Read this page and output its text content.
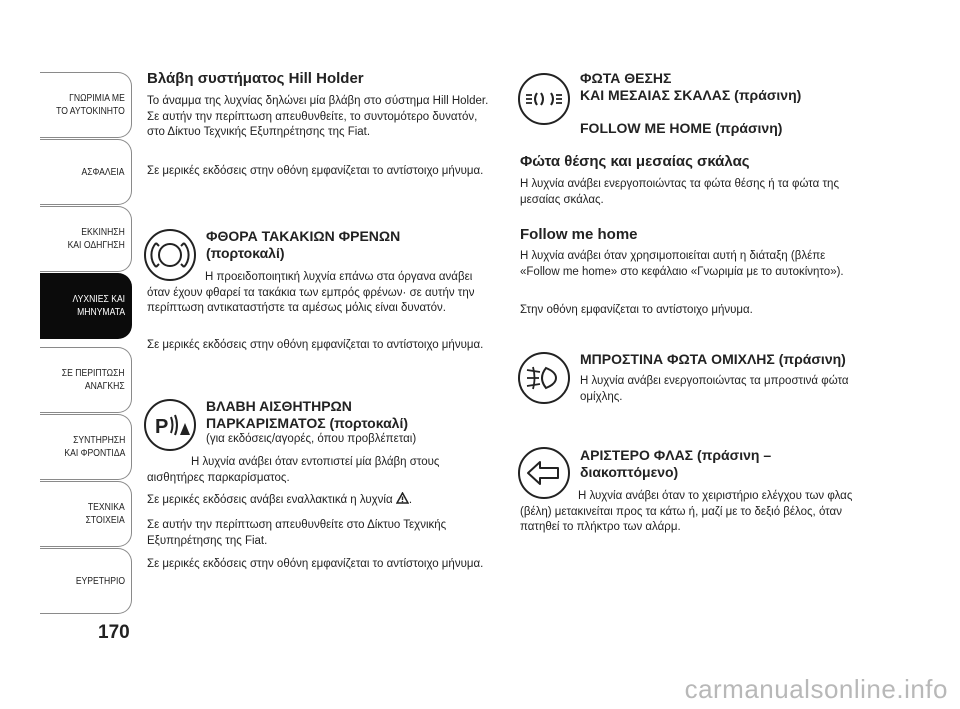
ΓΝΩΡΙΜΙΑ ΜΕ
ΤΟ ΑΥΤΟΚΙΝΗΤΟ
ΑΣΦΑΛΕΙΑ
ΕΚΚΙΝΗΣΗ
ΚΑΙ ΟΔΗΓΗΣΗ
ΛΥΧΝΙΕΣ ΚΑΙ
ΜΗΝΥΜΑΤΑ
ΣΕ ΠΕΡΙΠΤΩΣΗ
ΑΝΑΓΚΗΣ
ΣΥΝΤΗΡΗΣΗ
ΚΑΙ ΦΡΟΝΤΙΔΑ
ΤΕΧΝΙΚΑ
ΣΤΟΙΧΕΙΑ
ΕΥΡΕΤΗΡΙΟ
170
Βλάβη συστήματος Hill Holder
Το άναμμα της λυχνίας δηλώνει μία βλάβη στο σύστημα Hill Holder. Σε αυτήν την περίπτωση απευθυνθείτε, το συντομότερο δυνατόν, στο Δίκτυο Τεχνικής Εξυπηρέτησης της Fiat.
Σε μερικές εκδόσεις στην οθόνη εμφανίζεται το αντίστοιχο μήνυμα.
ΦΘΟΡΑ ΤΑΚΑΚΙΩΝ ΦΡΕΝΩΝ
(πορτοκαλί)
Η προειδοποιητική λυχνία επάνω στα όργανα ανάβει όταν έχουν φθαρεί τα τακάκια των εμπρός φρένων· σε αυτήν την περίπτωση αντικαταστήστε τα αμέσως μόλις είναι δυνατόν.
Σε μερικές εκδόσεις στην οθόνη εμφανίζεται το αντίστοιχο μήνυμα.
P
ΒΛΑΒΗ ΑΙΣΘΗΤΗΡΩΝ
ΠΑΡΚΑΡΙΣΜΑΤΟΣ (πορτοκαλί)
(για εκδόσεις/αγορές, όπου προβλέπεται)
Η λυχνία ανάβει όταν εντοπιστεί μία βλάβη στους αισθητήρες παρκαρίσματος.
Σε μερικές εκδόσεις ανάβει εναλλακτικά η λυχνία .
Σε αυτήν την περίπτωση απευθυνθείτε στο Δίκτυο Τεχνικής Εξυπηρέτησης της Fiat.
Σε μερικές εκδόσεις στην οθόνη εμφανίζεται το αντίστοιχο μήνυμα.
ΦΩΤΑ ΘΕΣΗΣ
ΚΑΙ ΜΕΣΑΙΑΣ ΣΚΑΛΑΣ (πράσινη)
FOLLOW ME HOME (πράσινη)
Φώτα θέσης και μεσαίας σκάλας
Η λυχνία ανάβει ενεργοποιώντας τα φώτα θέσης ή τα φώτα της μεσαίας σκάλας.
Follow me home
Η λυχνία ανάβει όταν χρησιμοποιείται αυτή η διάταξη (βλέπε «Follow me home» στο κεφάλαιο «Γνωριμία με το αυτοκίνητο»).
Στην οθόνη εμφανίζεται το αντίστοιχο μήνυμα.
ΜΠΡΟΣΤΙΝΑ ΦΩΤΑ ΟΜΙΧΛΗΣ (πράσινη)
Η λυχνία ανάβει ενεργοποιώντας τα μπροστινά φώτα ομίχλης.
ΑΡΙΣΤΕΡΟ ΦΛΑΣ (πράσινη –
διακοπτόμενο)
Η λυχνία ανάβει όταν το χειριστήριο ελέγχου των φλας (βέλη) μετακινείται προς τα κάτω ή, μαζί με το δεξιό βέλος, όταν πατηθεί το πλήκτρο των αλάρμ.
carmanualsonline.info
